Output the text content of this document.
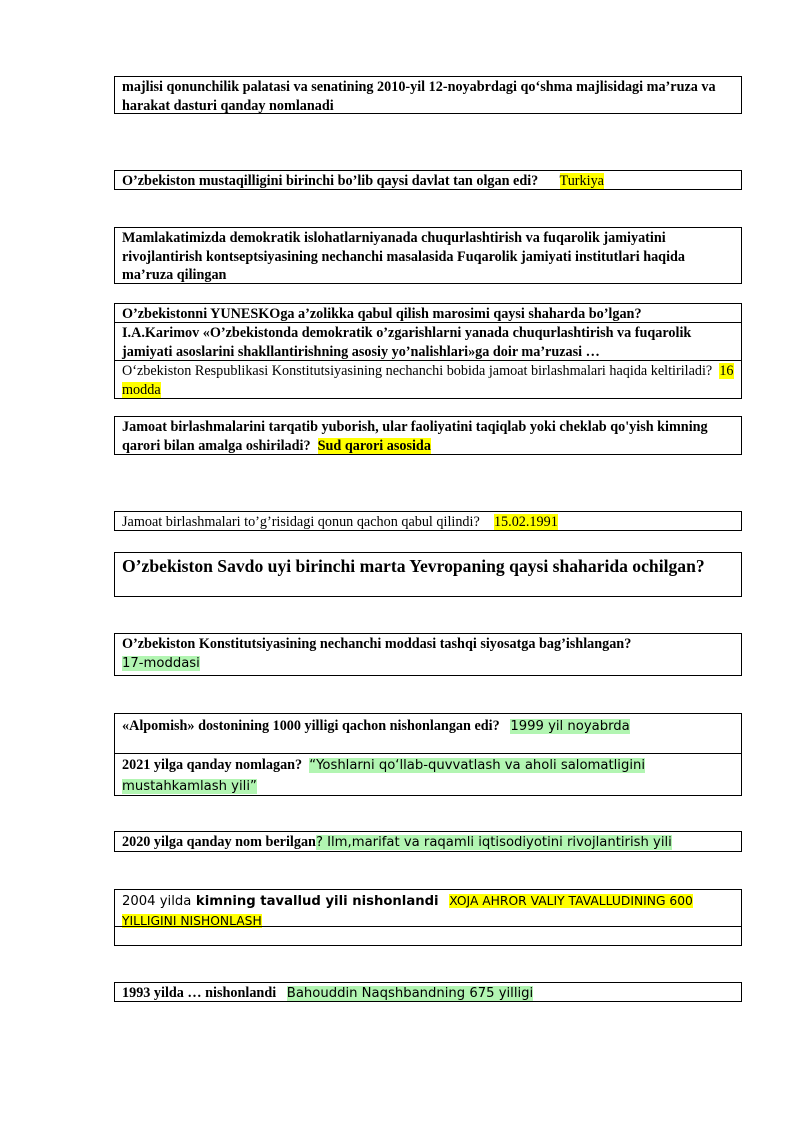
majlisi qonunchilik palatasi va senatining 2010-yil 12-noyabrdagi qo‘shma majlisidagi ma’ruza va harakat dasturi qanday nomlanadi
O’zbekiston mustaqilligini birinchi bo’lib qaysi davlat tan olgan edi? Turkiya
Mamlakatimizda demokratik islohatlarniyanada chuqurlashtirish va fuqarolik jamiyatini rivojlantirish kontseptsiyasining nechanchi masalasida Fuqarolik jamiyati institutlari haqida ma’ruza qilingan
O’zbekistonni YUNESKOga a’zolikka qabul qilish marosimi qaysi shaharda bo’lgan?
I.A.Karimov «O’zbekistonda demokratik o’zgarishlarni yanada chuqurlashtirish va fuqarolik jamiyati asoslarini shakllantirishning asosiy yo’nalishlari»ga doir ma’ruzasi …
O‘zbekiston Respublikasi Konstitutsiyasining nechanchi bobida jamoat birlashmalari haqida keltiriladi? 16 modda
Jamoat birlashmalarini tarqatib yuborish, ular faoliyatini taqiqlab yoki cheklab qo'yish kimning qarori bilan amalga oshiriladi? Sud qarori asosida
Jamoat birlashmalari to’g’risidagi qonun qachon qabul qilindi? 15.02.1991
O’zbekiston Savdo uyi birinchi marta Yevropaning qaysi shaharida ochilgan?
O’zbekiston Konstitutsiyasining nechanchi moddasi tashqi siyosatga bag’ishlangan?
17-moddasi
«Alpomish» dostonining 1000 yilligi qachon nishonlangan edi? 1999 yil noyabrda
2021 yilga qanday nomlagan? “Yoshlarni qo‘llab-quvvatlash va aholi salomatligini mustahkamlash yili”
2020 yilga qanday nom berilgan? Ilm,marifat va raqamli iqtisodiyotini rivojlantirish yili
2004 yilda kimning tavallud yili nishonlandi XOJA AHROR VALIY TAVALLUDINING 600 YILLIGINI NISHONLASH
1993 yilda … nishonlandi Bahouddin Naqshbandning 675 yilligi
